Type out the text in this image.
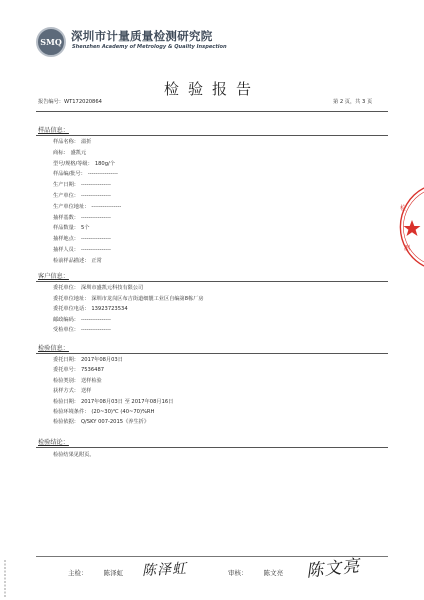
SMQ 深圳市计量质量检测研究院
Shenzhen Academy of Metrology & Quality Inspection
检验报告
报告编号：WT172020864	第 2 页，共 3 页
样品信息：
样品名称： 溢折
商标： 盛凯元
型号/规格/等级： 180g/个
样品编/批号： ----------------
生产日期： ----------------
生产单位： ----------------
生产单位地址： ----------------
抽样基数： ----------------
样品数量： 5个
抽样地点： ----------------
抽样人员： ----------------
检前样品描述： 正常
客户信息：
委托单位： 深圳市盛凯元科技有限公司
委托单位地址： 深圳市龙岗区布吉街道细靓工业区自编第8栋厂房
委托单位电话： 13923723534
邮政编码： ----------------
受检单位： ----------------
检验信息：
委托日期： 2017年08月03日
委托单号： 7536487
检验类别： 送样检验
获样方式： 送样
检验日期： 2017年08月03日 至 2017年08月16日
检验环境条件： (20~30)℃ (40~70)%RH
检验依据： Q/SKY 007-2015《养生折》
检验结论：
检验结果见附页。
主检： 陈泽虹 陈泽虹	审核： 陈文亮 陈文亮
检
测
